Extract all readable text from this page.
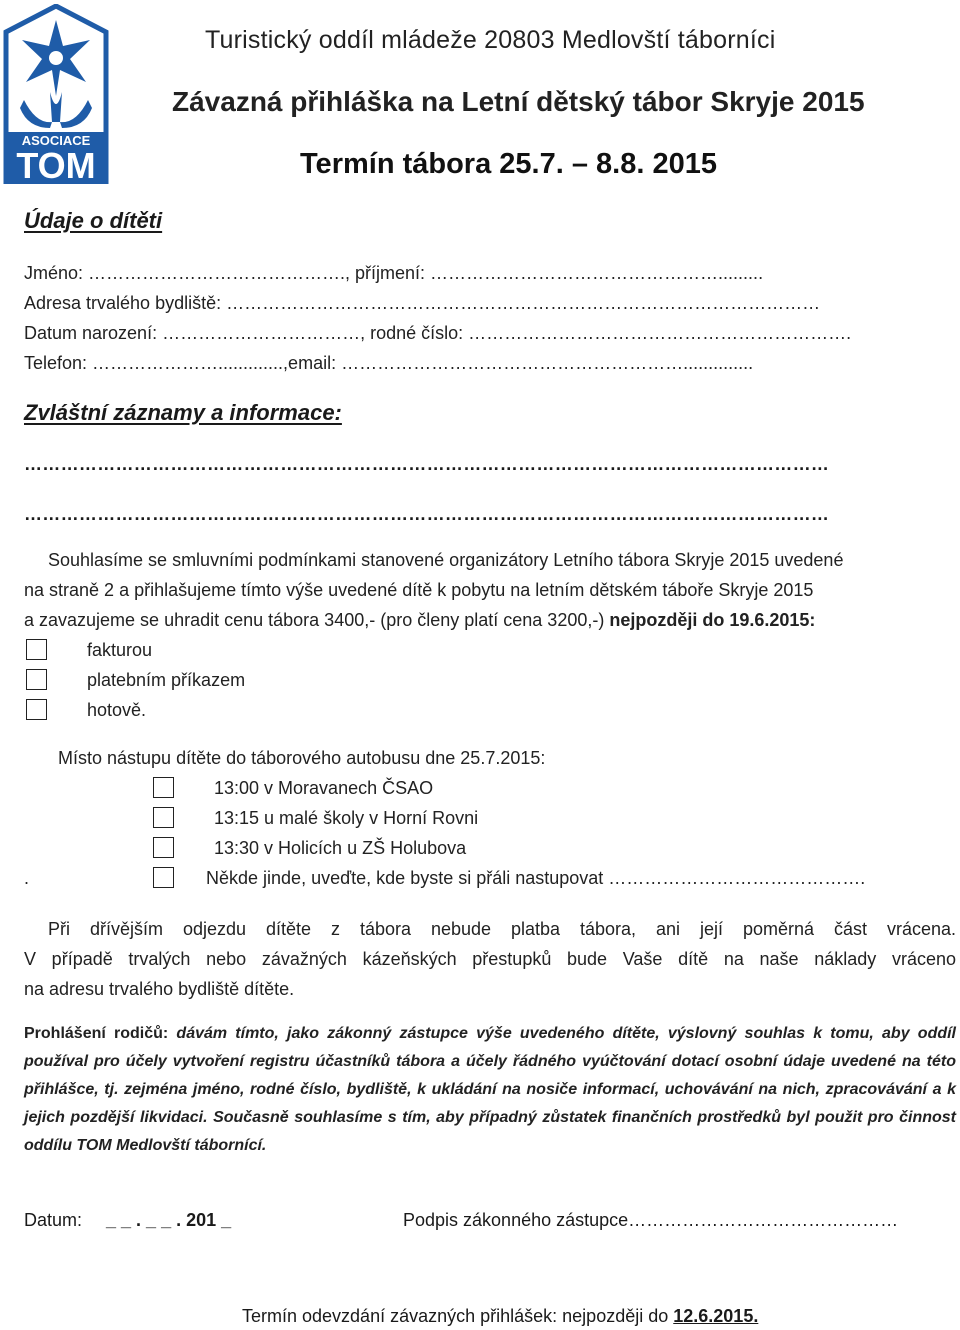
ASOCIACE
TOM
Turistický oddíl mládeže 20803 Medlovští táborníci
Závazná přihláška na Letní dětský tábor Skryje 2015
Termín tábora 25.7. – 8.8. 2015
Údaje o dítěti
Jméno: ……………………………………., příjmení: ………………………………………….........
Adresa trvalého bydliště: ………………………………………………………………………………………
Datum narození: ……………………………, rodné číslo: ……………………………………………………….
Telefon: ………………….............,email: …………………………………………………..............
Zvláštní záznamy a informace:
……………………………………………………………………………………………………………………
……………………………………………………………………………………………………………………
Souhlasíme se smluvními podmínkami stanovené organizátory Letního tábora Skryje 2015 uvedené
na straně 2 a přihlašujeme tímto výše uvedené dítě k pobytu na letním dětském táboře Skryje 2015
a zavazujeme se uhradit cenu tábora 3400,- (pro členy platí cena 3200,-) nejpozději do 19.6.2015:
fakturou
platebním příkazem
hotově.
Místo nástupu dítěte do táborového autobusu dne 25.7.2015:
13:00 v Moravanech ČSAO
13:15 u malé školy v Horní Rovni
13:30 v Holicích u ZŠ Holubova
.	Někde jinde, uveďte, kde byste si přáli nastupovat …………………………………….
Při dřívějším odjezdu dítěte z tábora nebude platba tábora, ani její poměrná část vrácena.
V případě trvalých nebo závažných kázeňských přestupků bude Vaše dítě na naše náklady vráceno
na adresu trvalého bydliště dítěte.
Prohlášení rodičů: dávám tímto, jako zákonný zástupce výše uvedeného dítěte, výslovný souhlas k tomu, aby oddíl používal pro účely vytvoření registru účastníků tábora a účely řádného vyúčtování dotací osobní údaje uvedené na této přihlášce, tj. zejména jméno, rodné číslo, bydliště, k ukládání na nosiče informací, uchovávání na nich, zpracovávání a k jejich pozdější likvidaci. Současně souhlasíme s tím, aby případný zůstatek finančních prostředků byl použit pro činnost oddílu TOM Medlovští tábornící.
Datum: _ _ . _ _ . 201 _	Podpis zákonného zástupce………………………………………
Termín odevzdání závazných přihlášek: nejpozději do 12.6.2015.
